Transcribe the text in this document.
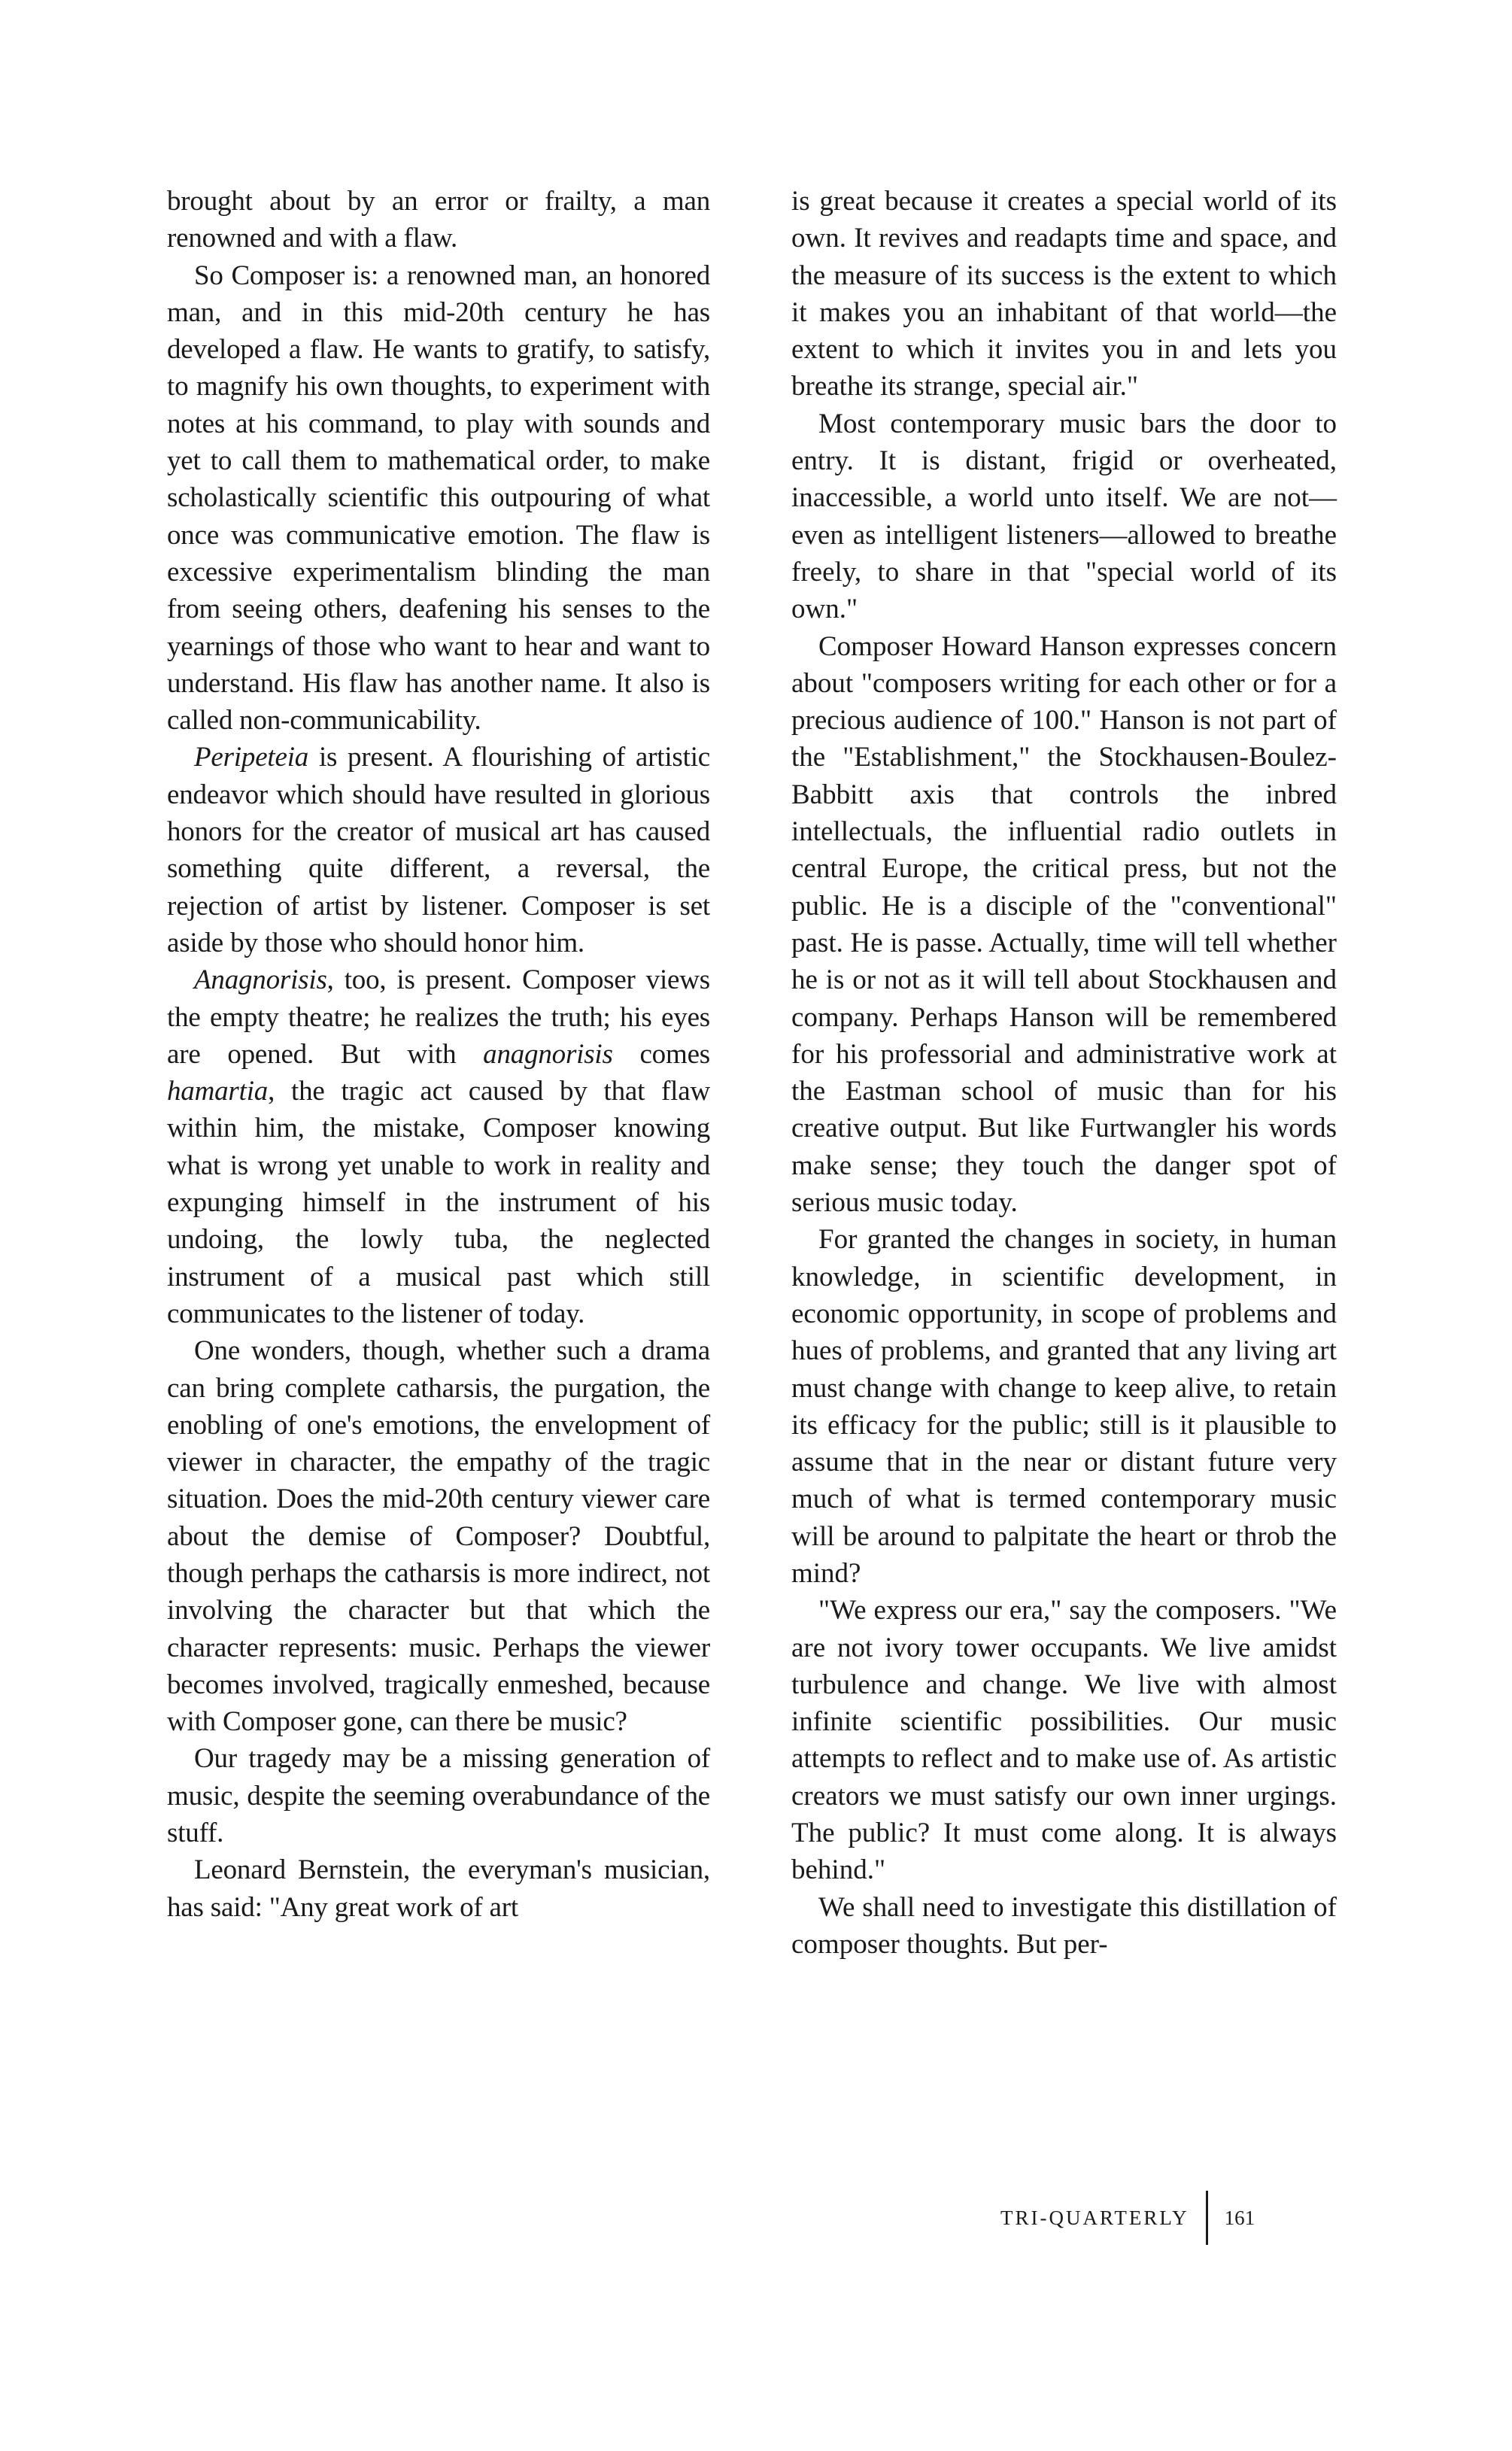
brought about by an error or frailty, a man renowned and with a flaw.

So Composer is: a renowned man, an honored man, and in this mid-20th century he has developed a flaw. He wants to gratify, to satisfy, to magnify his own thoughts, to experiment with notes at his command, to play with sounds and yet to call them to mathematical order, to make scholastically scientific this outpouring of what once was communicative emotion. The flaw is excessive experimentalism blinding the man from seeing others, deafening his senses to the yearnings of those who want to hear and want to understand. His flaw has another name. It also is called non-communicability.

Peripeteia is present. A flourishing of artistic endeavor which should have resulted in glorious honors for the creator of musical art has caused something quite different, a reversal, the rejection of artist by listener. Composer is set aside by those who should honor him.

Anagnorisis, too, is present. Composer views the empty theatre; he realizes the truth; his eyes are opened. But with anagnorisis comes hamartia, the tragic act caused by that flaw within him, the mistake, Composer knowing what is wrong yet unable to work in reality and expunging himself in the instrument of his undoing, the lowly tuba, the neglected instrument of a musical past which still communicates to the listener of today.

One wonders, though, whether such a drama can bring complete catharsis, the purgation, the enobling of one's emotions, the envelopment of viewer in character, the empathy of the tragic situation. Does the mid-20th century viewer care about the demise of Composer? Doubtful, though perhaps the catharsis is more indirect, not involving the character but that which the character represents: music. Perhaps the viewer becomes involved, tragically enmeshed, because with Composer gone, can there be music?

Our tragedy may be a missing generation of music, despite the seeming overabundance of the stuff.

Leonard Bernstein, the everyman's musician, has said: "Any great work of art

is great because it creates a special world of its own. It revives and readapts time and space, and the measure of its success is the extent to which it makes you an inhabitant of that world—the extent to which it invites you in and lets you breathe its strange, special air."

Most contemporary music bars the door to entry. It is distant, frigid or overheated, inaccessible, a world unto itself. We are not—even as intelligent listeners—allowed to breathe freely, to share in that "special world of its own."

Composer Howard Hanson expresses concern about "composers writing for each other or for a precious audience of 100." Hanson is not part of the "Establishment," the Stockhausen-Boulez-Babbitt axis that controls the inbred intellectuals, the influential radio outlets in central Europe, the critical press, but not the public. He is a disciple of the "conventional" past. He is passe. Actually, time will tell whether he is or not as it will tell about Stockhausen and company. Perhaps Hanson will be remembered for his professorial and administrative work at the Eastman school of music than for his creative output. But like Furtwangler his words make sense; they touch the danger spot of serious music today.

For granted the changes in society, in human knowledge, in scientific development, in economic opportunity, in scope of problems and hues of problems, and granted that any living art must change with change to keep alive, to retain its efficacy for the public; still is it plausible to assume that in the near or distant future very much of what is termed contemporary music will be around to palpitate the heart or throb the mind?

"We express our era," say the composers. "We are not ivory tower occupants. We live amidst turbulence and change. We live with almost infinite scientific possibilities. Our music attempts to reflect and to make use of. As artistic creators we must satisfy our own inner urgings. The public? It must come along. It is always behind."

We shall need to investigate this distillation of composer thoughts. But per-

TRI-QUARTERLY	161
